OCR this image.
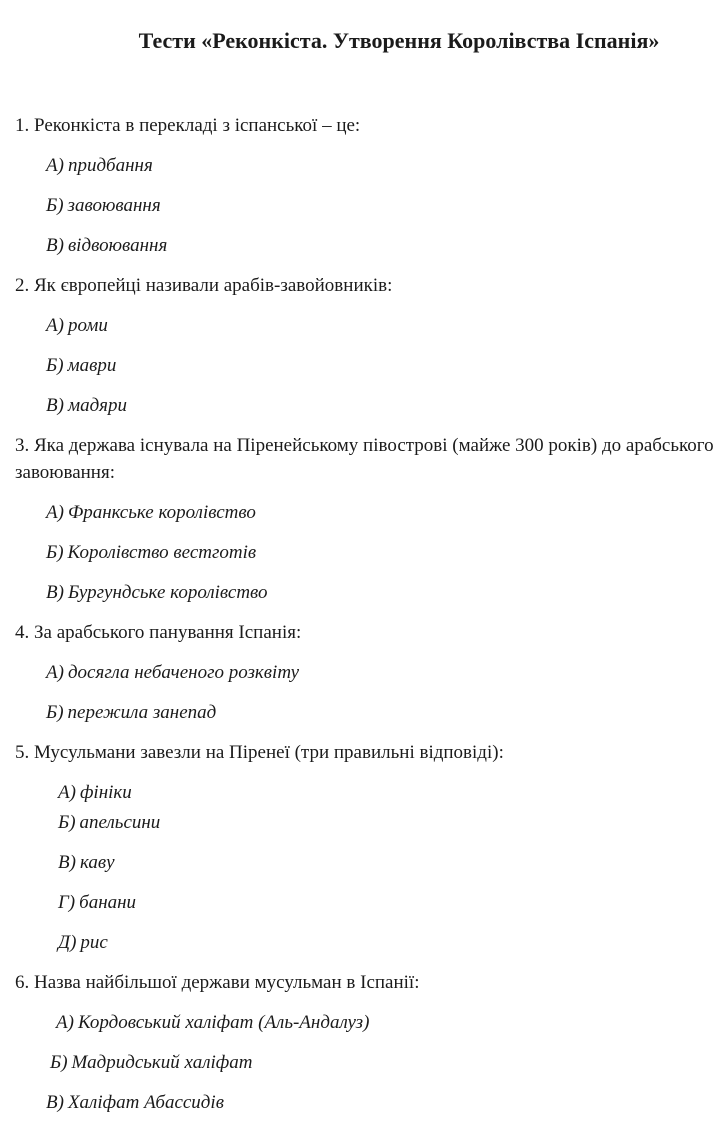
Тести «Реконкіста. Утворення Королівства Іспанія»

1. Реконкіста в перекладі з іспанської – це:

А) придбання

Б) завоювання

В) відвоювання

2. Як європейці називали арабів-завойовників:

А) роми

Б) маври

В) мадяри

3. Яка держава існувала на Піренейському півострові (майже 300 років) до арабського завоювання:

А) Франкське королівство

Б) Королівство вестготів

В) Бургундське королівство

4. За арабського панування Іспанія:

А) досягла небаченого розквіту

Б) пережила занепад

5. Мусульмани завезли на Піренеї (три правильні відповіді):

А) фініки

Б) апельсини

В) каву

Г) банани

Д) рис

6. Назва найбільшої держави мусульман в Іспанії:

А) Кордовський халіфат (Аль-Андалуз)

Б) Мадридський халіфат

В) Халіфат Абассидів
